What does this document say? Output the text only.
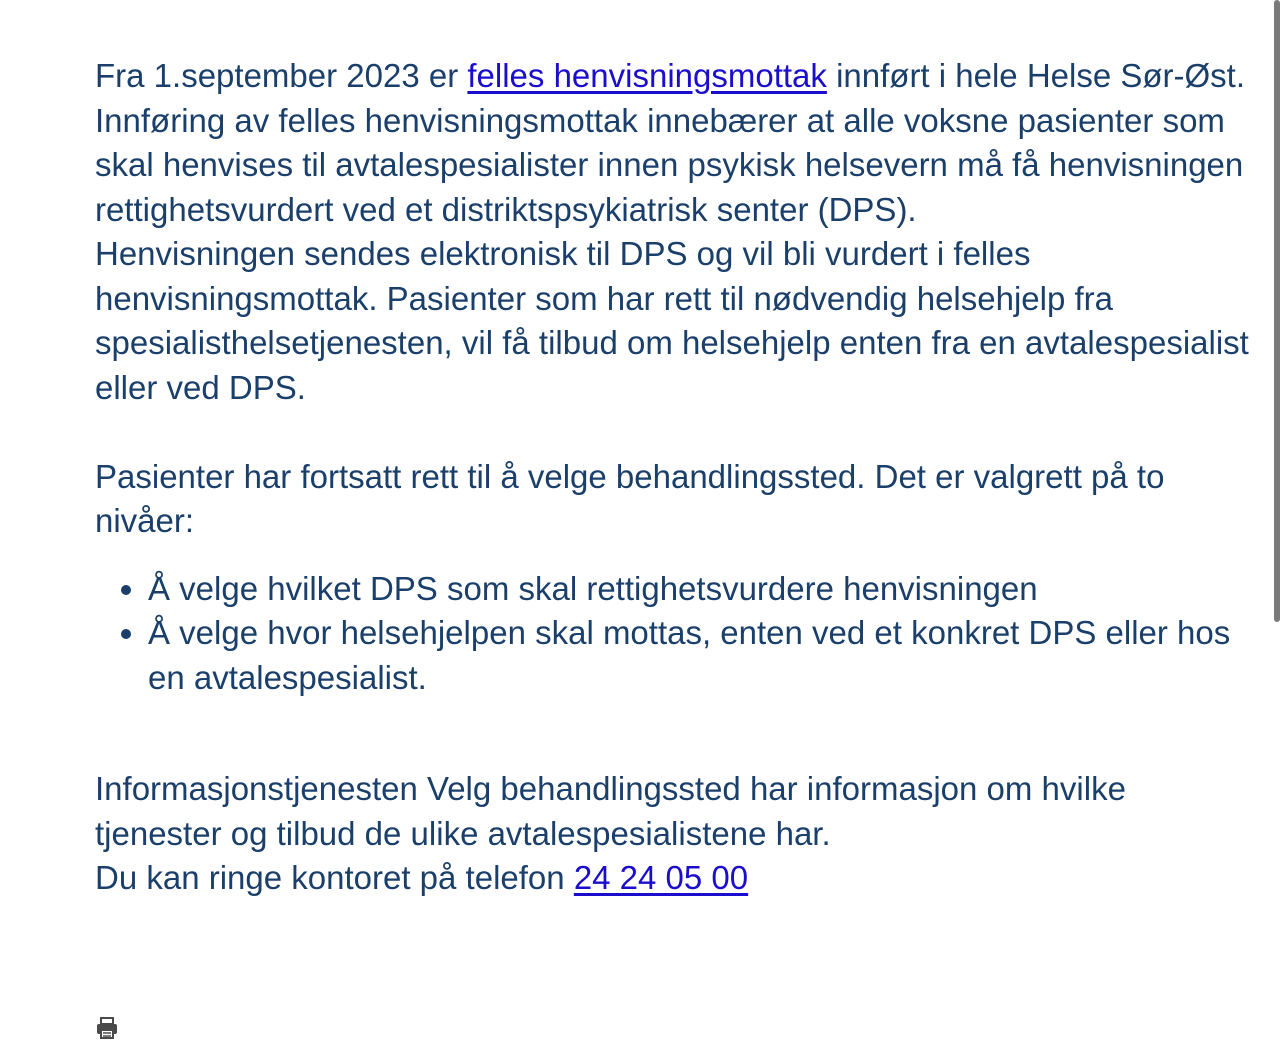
Fra 1.september 2023 er felles henvisningsmottak innført i hele Helse Sør-Øst.

Innføring av felles henvisningsmottak innebærer at alle voksne pasienter som skal henvises til avtalespesialister innen psykisk helsevern må få henvisningen rettighetsvurdert ved et distriktspsykiatrisk senter (DPS).

Henvisningen sendes elektronisk til DPS og vil bli vurdert i felles henvisningsmottak. Pasienter som har rett til nødvendig helsehjelp fra spesialisthelsetjenesten, vil få tilbud om helsehjelp enten fra en avtalespesialist eller ved DPS.

Pasienter har fortsatt rett til å velge behandlingssted. Det er valgrett på to nivåer:

• Å velge hvilket DPS som skal rettighetsvurdere henvisningen
• Å velge hvor helsehjelpen skal mottas, enten ved et konkret DPS eller hos en avtalespesialist.

Informasjonstjenesten Velg behandlingssted har informasjon om hvilke tjenester og tilbud de ulike avtalespesialistene har.

Du kan ringe kontoret på telefon 24 24 05 00
